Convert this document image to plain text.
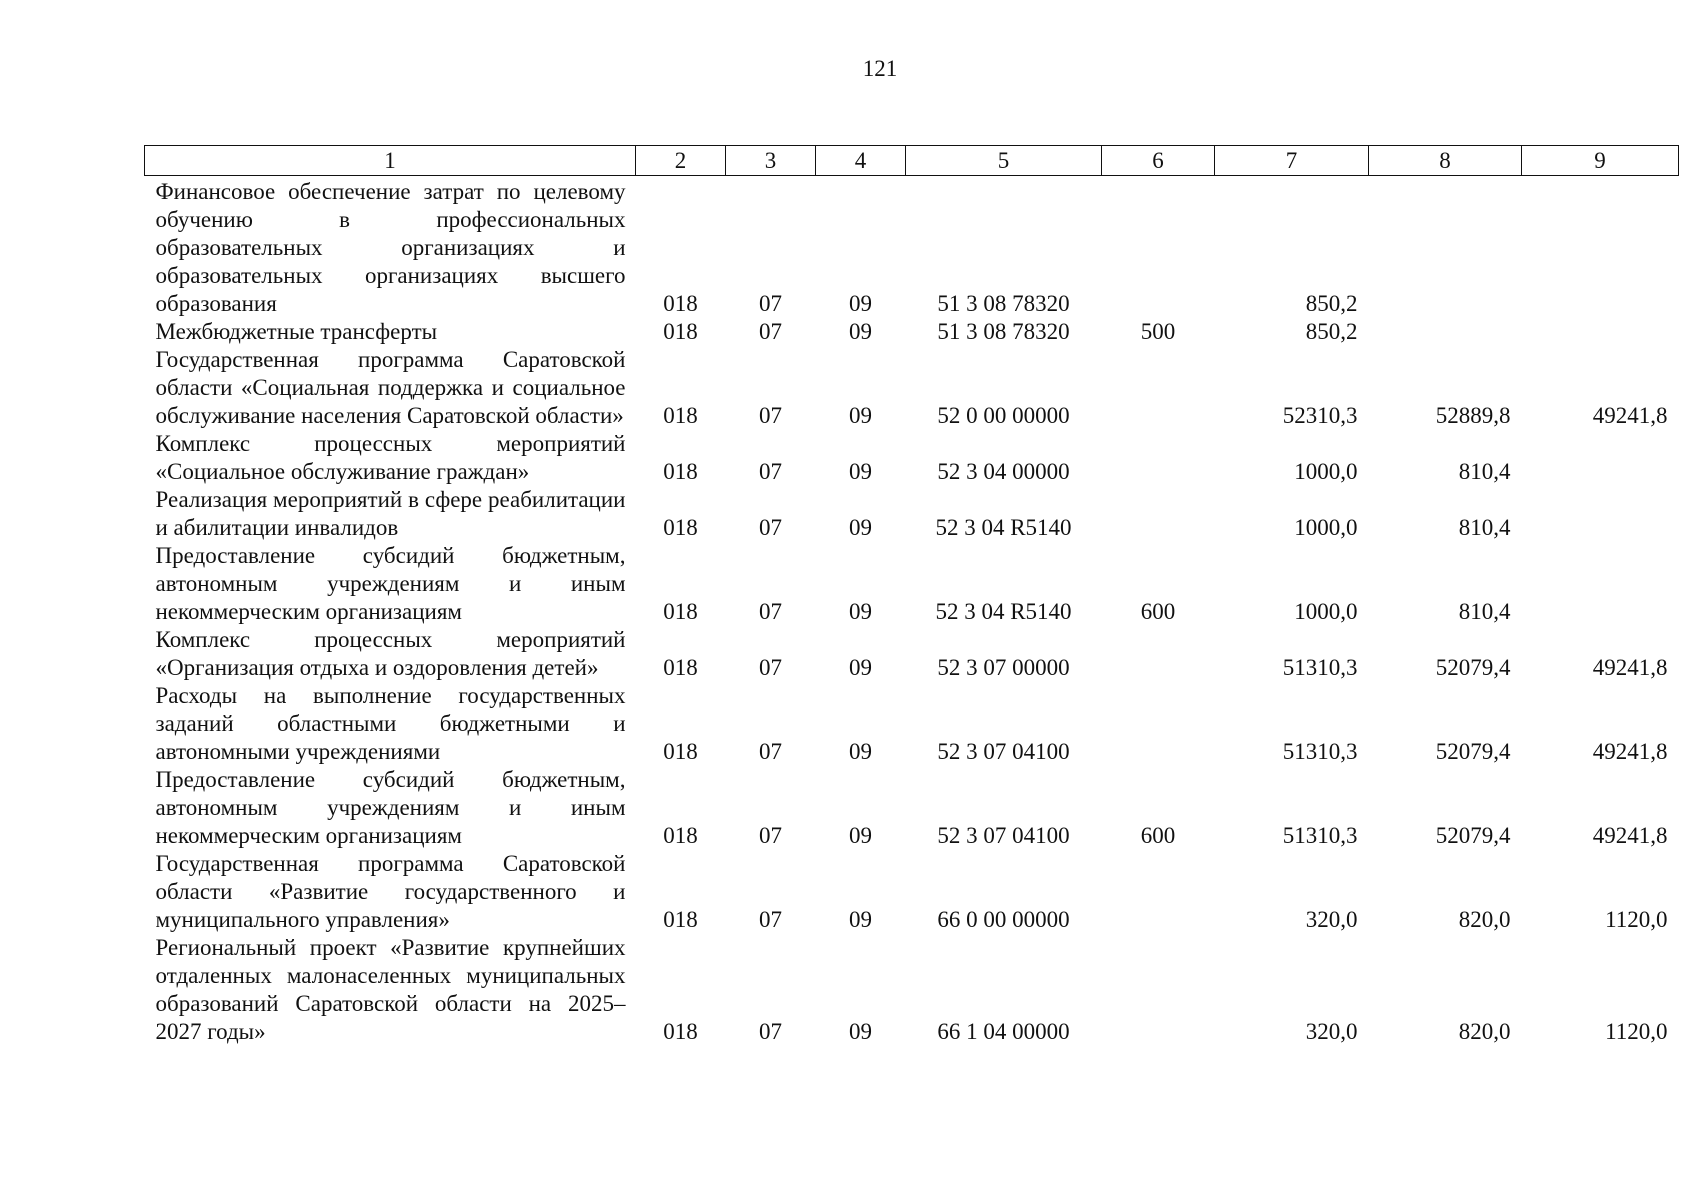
121
1	2	3	4	5	6	7	8	9
Финансовое обеспечение затрат по целевому обучению в профессиональных образовательных организациях и образовательных организациях высшего образования	018	07	09	51 3 08 78320		850,2		
Межбюджетные трансферты	018	07	09	51 3 08 78320	500	850,2		
Государственная программа Саратовской области «Социальная поддержка и социальное обслуживание населения Саратовской области»	018	07	09	52 0 00 00000		52310,3	52889,8	49241,8
Комплекс процессных мероприятий «Социальное обслуживание граждан»	018	07	09	52 3 04 00000		1000,0	810,4	
Реализация мероприятий в сфере реабилитации и абилитации инвалидов	018	07	09	52 3 04 R5140		1000,0	810,4	
Предоставление субсидий бюджетным, автономным учреждениям и иным некоммерческим организациям	018	07	09	52 3 04 R5140	600	1000,0	810,4	
Комплекс процессных мероприятий «Организация отдыха и оздоровления детей»	018	07	09	52 3 07 00000		51310,3	52079,4	49241,8
Расходы на выполнение государственных заданий областными бюджетными и автономными учреждениями	018	07	09	52 3 07 04100		51310,3	52079,4	49241,8
Предоставление субсидий бюджетным, автономным учреждениям и иным некоммерческим организациям	018	07	09	52 3 07 04100	600	51310,3	52079,4	49241,8
Государственная программа Саратовской области «Развитие государственного и муниципального управления»	018	07	09	66 0 00 00000		320,0	820,0	1120,0
Региональный проект «Развитие крупнейших отдаленных малонаселенных муниципальных образований Саратовской области на 2025–2027 годы»	018	07	09	66 1 04 00000		320,0	820,0	1120,0
